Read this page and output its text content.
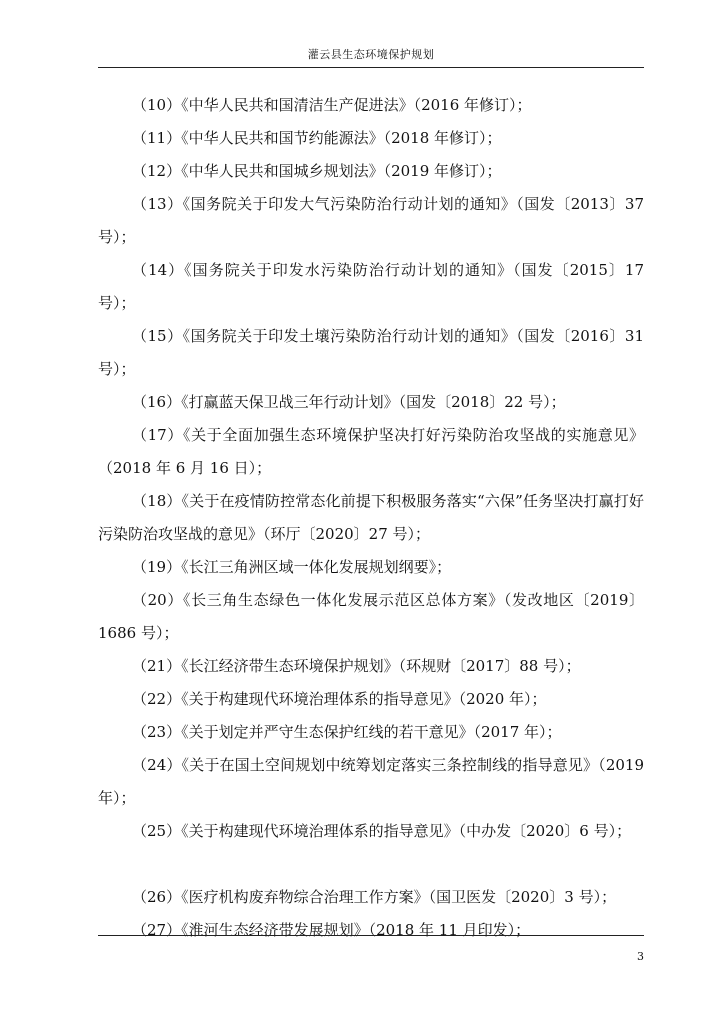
灌云县生态环境保护规划
（10）《中华人民共和国清洁生产促进法》（2016 年修订）；
（11）《中华人民共和国节约能源法》（2018 年修订）；
（12）《中华人民共和国城乡规划法》（2019 年修订）；
（13）《国务院关于印发大气污染防治行动计划的通知》（国发〔2013〕37 号）；
（14）《国务院关于印发水污染防治行动计划的通知》（国发〔2015〕17 号）；
（15）《国务院关于印发土壤污染防治行动计划的通知》（国发〔2016〕31 号）；
（16）《打赢蓝天保卫战三年行动计划》（国发〔2018〕22 号）；
（17）《关于全面加强生态环境保护坚决打好污染防治攻坚战的实施意见》（2018 年 6 月 16 日）；
（18）《关于在疫情防控常态化前提下积极服务落实“六保”任务坚决打赢打好污染防治攻坚战的意见》（环厅〔2020〕27 号）；
（19）《长江三角洲区域一体化发展规划纲要》；
（20）《长三角生态绿色一体化发展示范区总体方案》（发改地区〔2019〕1686 号）；
（21）《长江经济带生态环境保护规划》（环规财〔2017〕88 号）；
（22）《关于构建现代环境治理体系的指导意见》（2020 年）；
（23）《关于划定并严守生态保护红线的若干意见》（2017 年）；
（24）《关于在国土空间规划中统筹划定落实三条控制线的指导意见》（2019 年）；
（25）《关于构建现代环境治理体系的指导意见》（中办发〔2020〕6 号）；
（26）《医疗机构废弃物综合治理工作方案》（国卫医发〔2020〕3 号）；
（27）《淮河生态经济带发展规划》（2018 年 11 月印发）；
3
